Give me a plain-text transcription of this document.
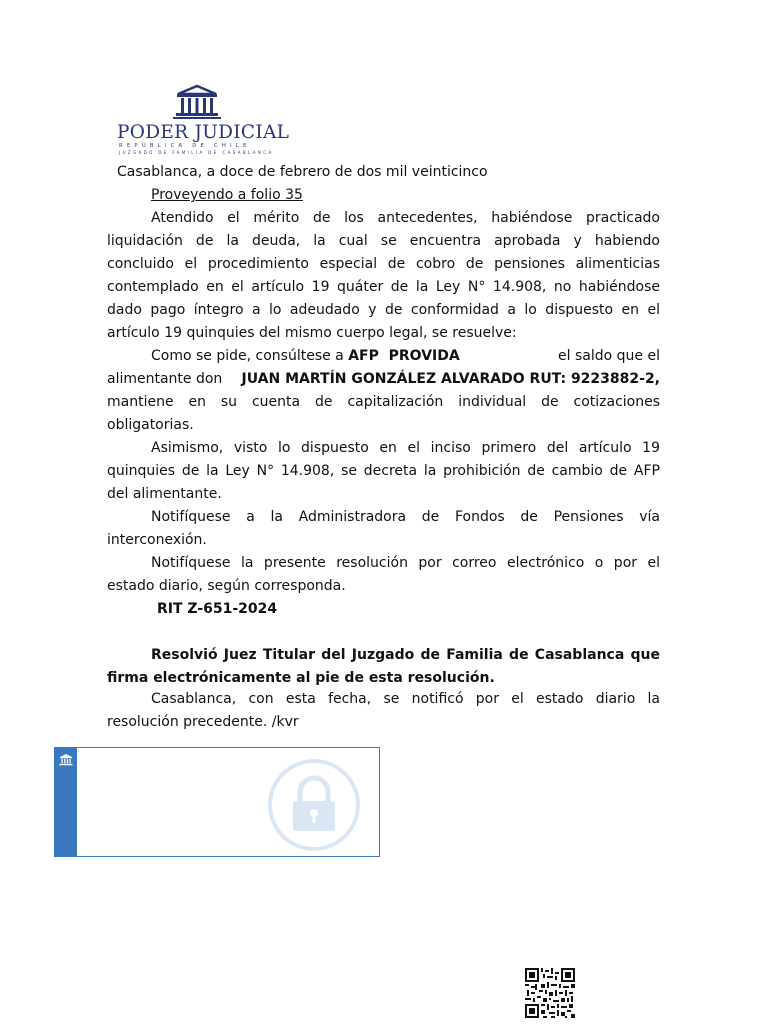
PODER JUDICIAL
REPÚBLICA DE CHILE
JUZGADO DE FAMILIA DE CASABLANCA
Casablanca, a doce de febrero de dos mil veinticinco
Proveyendo a folio 35
Atendido el mérito de los antecedentes, habiéndose practicado
liquidación de la deuda, la cual se encuentra aprobada y habiendo
concluido el procedimiento especial de cobro de pensiones alimenticias
contemplado en el artículo 19 quáter de la Ley N° 14.908, no habiéndose
dado pago íntegro a lo adeudado y de conformidad a lo dispuesto en el
artículo 19 quinquies del mismo cuerpo legal, se resuelve:
Como se pide, consúltese a AFP  PROVIDA	el saldo que el
alimentante don JUAN MARTÍN GONZÁLEZ ALVARADO RUT: 9223882-2,
mantiene en su cuenta de capitalización individual de cotizaciones
obligatorias.
Asimismo, visto lo dispuesto en el inciso primero del artículo 19
quinquies de la Ley N° 14.908, se decreta la prohibición de cambio de AFP
del alimentante.
Notifíquese a la Administradora de Fondos de Pensiones vía
interconexión.
Notifíquese la presente resolución por correo electrónico o por el
estado diario, según corresponda.
RIT Z-651-2024
Resolvió Juez Titular del Juzgado de Familia de Casablanca que
firma electrónicamente al pie de esta resolución.
Casablanca, con esta fecha, se notificó por el estado diario la
resolución precedente. /kvr
